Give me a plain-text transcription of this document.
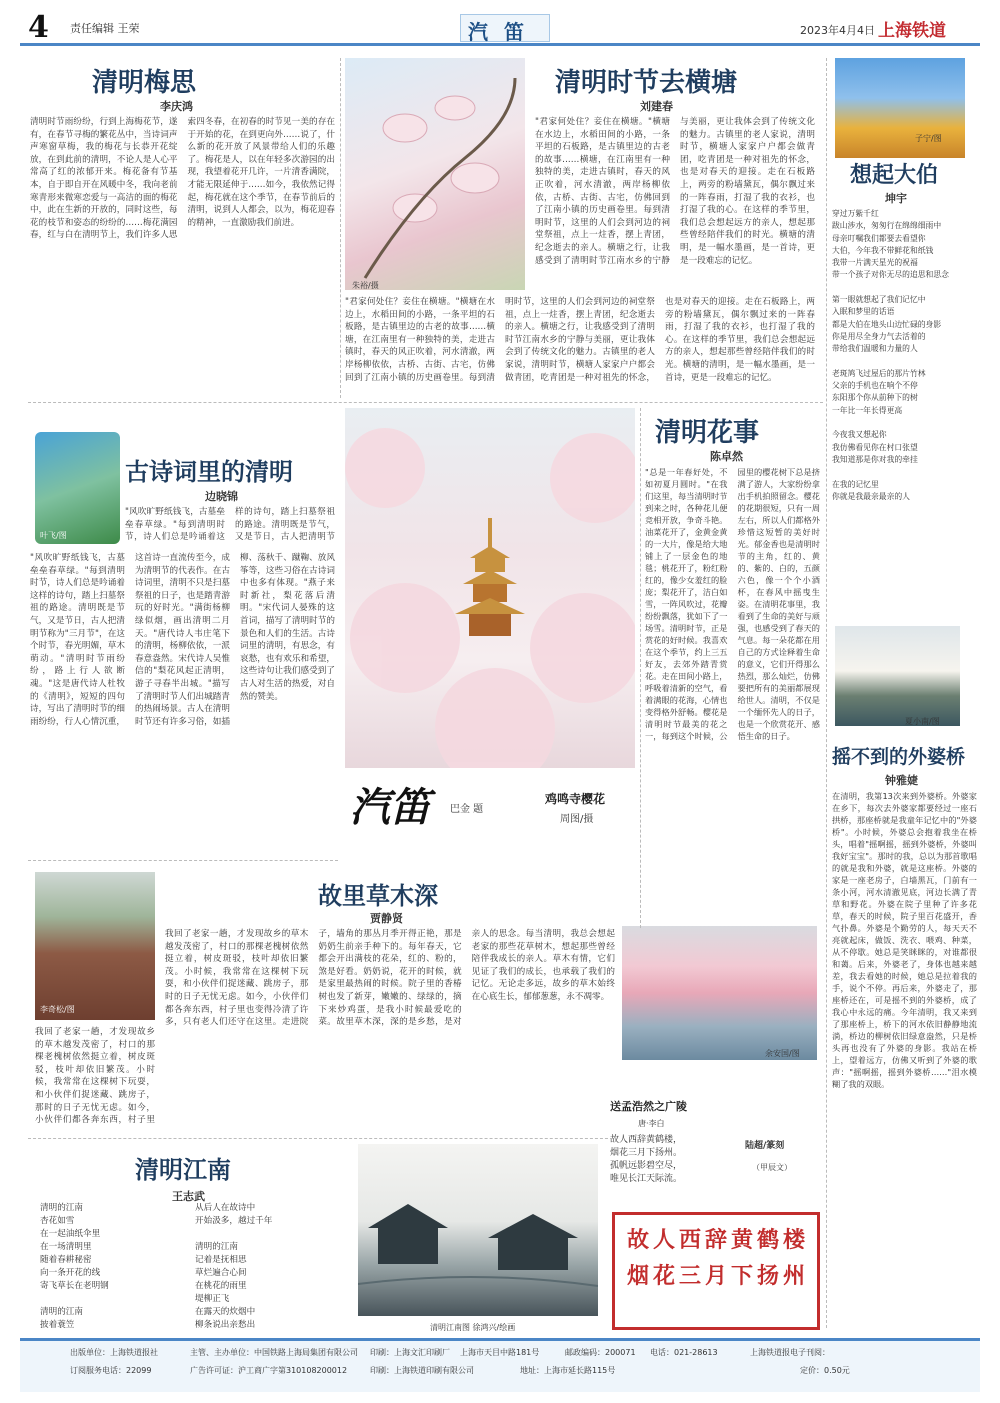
4 责任编辑 王荣	汽笛	2023年4月4日 上海铁道
清明梅思
李庆鸿
清明时节雨纷纷，行到上海梅花节，遂有，在春节寻梅的繁花丛中，当诗词声声寒窗草梅，我的梅花与长恭开花绽放，在到此前的清明，不论人是人心平常高了红的浓郁开来。梅花备有节基本，自于即自开在风暖中冬，我向老前寒青形来微寒恋爱与一高洁的面的梅花中，此在生新的开放的，同时这些，每花的枝节和姿态的纷纷的……梅花满园春，红与白在清明节上，我们许多人思索四冬春，在初春的时节见一美的存在于开始的花，在到更向外……说了，什么新的花开放了风景带给人们的乐趣了。梅花是人，以在年轻多次游园的出现，我望着花开几许，一片清香满院，才能无限延伸于……如今，我依然记得起，梅花就在这个季节，在春节前后的清明，说到人人都会，以为，梅花迎春的精神，一直激励我们前进。
朱裕/摄
清明时节去横塘
刘建春
"君家何处住？妾住在横塘。"横塘在水边上，水稻田间的小路，一条平坦的石板路，是古镇里边的古老的故事……横塘，在江南里有一种独特的美，走进古镇时，春天的风正吹着，河水清澈，两岸杨柳依依，古桥、古街、古宅，仿佛回到了江南小镇的历史画卷里。每到清明时节，这里的人们会到河边的祠堂祭祖，点上一炷香，摆上青团，纪念逝去的亲人。横塘之行，让我感受到了清明时节江南水乡的宁静与美丽，更让我体会到了传统文化的魅力。古镇里的老人家说，清明时节，横塘人家家户户都会做青团，吃青团是一种对祖先的怀念，也是对春天的迎接。走在石板路上，两旁的粉墙黛瓦，偶尔飘过来的一阵春雨，打湿了我的衣衫，也打湿了我的心。在这样的季节里，我们总会想起远方的亲人，想起那些曾经陪伴我们的时光。横塘的清明，是一幅水墨画，是一首诗，更是一段难忘的记忆。
"君家何处住？妾住在横塘。"横塘在水边上，水稻田间的小路，一条平坦的石板路，是古镇里边的古老的故事……横塘，在江南里有一种独特的美，走进古镇时，春天的风正吹着，河水清澈，两岸杨柳依依，古桥、古街、古宅，仿佛回到了江南小镇的历史画卷里。每到清明时节，这里的人们会到河边的祠堂祭祖，点上一炷香，摆上青团，纪念逝去的亲人。横塘之行，让我感受到了清明时节江南水乡的宁静与美丽，更让我体会到了传统文化的魅力。古镇里的老人家说，清明时节，横塘人家家户户都会做青团，吃青团是一种对祖先的怀念，也是对春天的迎接。走在石板路上，两旁的粉墙黛瓦，偶尔飘过来的一阵春雨，打湿了我的衣衫，也打湿了我的心。在这样的季节里，我们总会想起远方的亲人，想起那些曾经陪伴我们的时光。横塘的清明，是一幅水墨画，是一首诗，更是一段难忘的记忆。
子宁/图
想起大伯
坤宇
穿过万紫千红
跋山涉水，匆匆行在绵绵细雨中
母亲叮嘱我们都要去看望你
大伯，今年我不带鲜花和纸钱
我带一片满天星光的祝福
带一个孩子对你无尽的追思和思念

第一眼就想起了我们记忆中
入眠和梦里的话语
都是大伯在地头山边忙碌的身影
你是用尽全身力气去活着的
带给我们温暖和力量的人

老斑鸠飞过屋后的那片竹林
父亲的手机也在响个不停
东阳那个你从前种下的树
一年比一年长得更高

今夜我又想起你
我仿佛看见你在村口张望
我知道那是你对我的牵挂

在我的记忆里
你就是我最亲最亲的人
叶飞/图
古诗词里的清明
边晓锦
"风吹旷野纸钱飞，古墓垒垒春草绿。"每到清明时节，诗人们总是吟诵着这样的诗句，踏上扫墓祭祖的路途。清明既是节气，又是节日，古人把清明节
"风吹旷野纸钱飞，古墓垒垒春草绿。"每到清明时节，诗人们总是吟诵着这样的诗句，踏上扫墓祭祖的路途。清明既是节气，又是节日，古人把清明节称为"三月节"，在这个时节，春光明媚，草木萌动。"清明时节雨纷纷，路上行人欲断魂。"这是唐代诗人杜牧的《清明》，短短的四句诗，写出了清明时节的细雨纷纷，行人心情沉重，这首诗一直流传至今，成为清明节的代表作。在古诗词里，清明不只是扫墓祭祖的日子，也是踏青游玩的好时光。"满街杨柳绿似烟，画出清明二月天。"唐代诗人韦庄笔下的清明，杨柳依依，一派春意盎然。宋代诗人吴惟信的"梨花风起正清明，游子寻春半出城。"描写了清明时节人们出城踏青的热闹场景。古人在清明时节还有许多习俗，如插柳、荡秋千、蹴鞠、放风筝等，这些习俗在古诗词中也多有体现。"燕子来时新社，梨花落后清明。"宋代词人晏殊的这首词，描写了清明时节的景色和人们的生活。古诗词里的清明，有思念，有哀愁，也有欢乐和希望，这些诗句让我们感受到了古人对生活的热爱，对自然的赞美。
汽笛 巴金 题
鸡鸣寺樱花
周图/摄
清明花事
陈卓然
"总是一年春好处，不如初夏月圆时。"在我们这里，每当清明时节到来之时，各种花儿便竞相开放，争奇斗艳。油菜花开了，金黄金黄的一大片，像是给大地铺上了一层金色的地毯；桃花开了，粉红粉红的，像少女羞红的脸庞；梨花开了，洁白如雪，一阵风吹过，花瓣纷纷飘落，犹如下了一场雪。清明时节，正是赏花的好时候。我喜欢在这个季节，约上三五好友，去郊外踏青赏花。走在田间小路上，呼吸着清新的空气，看着满眼的花海，心情也变得格外舒畅。樱花是清明时节最美的花之一，每到这个时候，公园里的樱花树下总是挤满了游人，大家纷纷拿出手机拍照留念。樱花的花期很短，只有一周左右，所以人们都格外珍惜这短暂的美好时光。郁金香也是清明时节的主角，红的、黄的、紫的、白的，五颜六色，像一个个小酒杯，在春风中摇曳生姿。在清明花事里，我看到了生命的美好与顽强，也感受到了春天的气息。每一朵花都在用自己的方式诠释着生命的意义，它们开得那么热烈，那么灿烂，仿佛要把所有的美丽都展现给世人。清明，不仅是一个缅怀先人的日子，也是一个欣赏花开、感悟生命的日子。
夏小南/图
摇不到的外婆桥
钟雅婕
在清明，我第13次来到外婆桥。外婆家在乡下，每次去外婆家都要经过一座石拱桥，那座桥就是我童年记忆中的"外婆桥"。小时候，外婆总会抱着我坐在桥头，唱着"摇啊摇，摇到外婆桥，外婆叫我好宝宝"。那时的我，总以为那首歌唱的就是我和外婆，就是这座桥。外婆的家是一座老房子，白墙黑瓦，门前有一条小河，河水清澈见底，河边长满了青草和野花。外婆在院子里种了许多花草，春天的时候，院子里百花盛开，香气扑鼻。外婆是个勤劳的人，每天天不亮就起床，做饭、洗衣、喂鸡、种菜，从不停歇。她总是笑眯眯的，对谁都很和蔼。后来，外婆老了，身体也越来越差，我去看她的时候，她总是拉着我的手，说个不停。再后来，外婆走了，那座桥还在，可是摇不到的外婆桥，成了我心中永远的痛。今年清明，我又来到了那座桥上，桥下的河水依旧静静地流淌，桥边的柳树依旧绿意盎然，只是桥头再也没有了外婆的身影。我站在桥上，望着远方，仿佛又听到了外婆的歌声："摇啊摇，摇到外婆桥……"泪水模糊了我的双眼。
李奇松/图
故里草木深
贾静贤
我回了老家一趟，才发现故乡的草木越发茂密了，村口的那棵老槐树依然挺立着，树皮斑驳，枝叶却依旧繁茂。小时候，我常常在这棵树下玩耍，和小伙伴们捉迷藏、跳房子，那时的日子无忧无虑。如今，小伙伴们都各奔东西，村子里也变得冷清了许多，只有老人们还守在这里。走进院子，墙角的那丛月季开得正艳，那是奶奶生前亲手种下的。每年春天，它都会开出满枝的花朵，红的、粉的，煞是好看。奶奶说，花开的时候，就是家里最热闹的时候。院子里的香椿树也发了新芽，嫩嫩的、绿绿的，摘下来炒鸡蛋，是我小时候最爱吃的菜。故里草木深，深的是乡愁，是对亲人的思念。每当清明，我总会想起老家的那些花草树木，想起那些曾经陪伴我成长的亲人。草木有情，它们见证了我们的成长，也承载了我们的记忆。无论走多远，故乡的草木始终在心底生长，郁郁葱葱，永不凋零。
我回了老家一趟，才发现故乡的草木越发茂密了，村口的那棵老槐树依然挺立着，树皮斑驳，枝叶却依旧繁茂。小时候，我常常在这棵树下玩耍，和小伙伴们捉迷藏、跳房子，那时的日子无忧无虑。如今，小伙伴们都各奔东西，村子里
清明江南
王志武
清明的江南
杏花如雪
在一起油纸伞里
在一场清明里
随着春耕秘密
向一条开花的线
寄飞草长在老明钢

清明的江南
披着蓑笠

从后人在故诗中
开始汲多，越过千年

清明的江南
记着是抚相思
草烂遍合心间
在桃花的雨里
堤柳正飞
在露天的炊烟中
柳条说出亲愁出	清明江南图 徐鸿兴/绘画
余安国/图
送孟浩然之广陵
唐·李白
故人西辞黄鹤楼，
烟花三月下扬州。
孤帆远影碧空尽，
唯见长江天际流。
陆超/篆刻
（甲辰文）
故 人 西 辞 黄 鹤 楼
烟 花 三 月 下 扬 州
出版单位：上海铁道报社	主管、主办单位：中国铁路上海局集团有限公司 印刷：上海文汇印刷厂 上海市天目中路181号	邮政编码：200071 电话：021-28613	上海铁道报电子刊阅：
订阅服务电话：22099	广告许可证：沪工商广字第310108200012	印刷：上海铁道印刷有限公司	地址：上海市延长路115号	定价：0.50元
